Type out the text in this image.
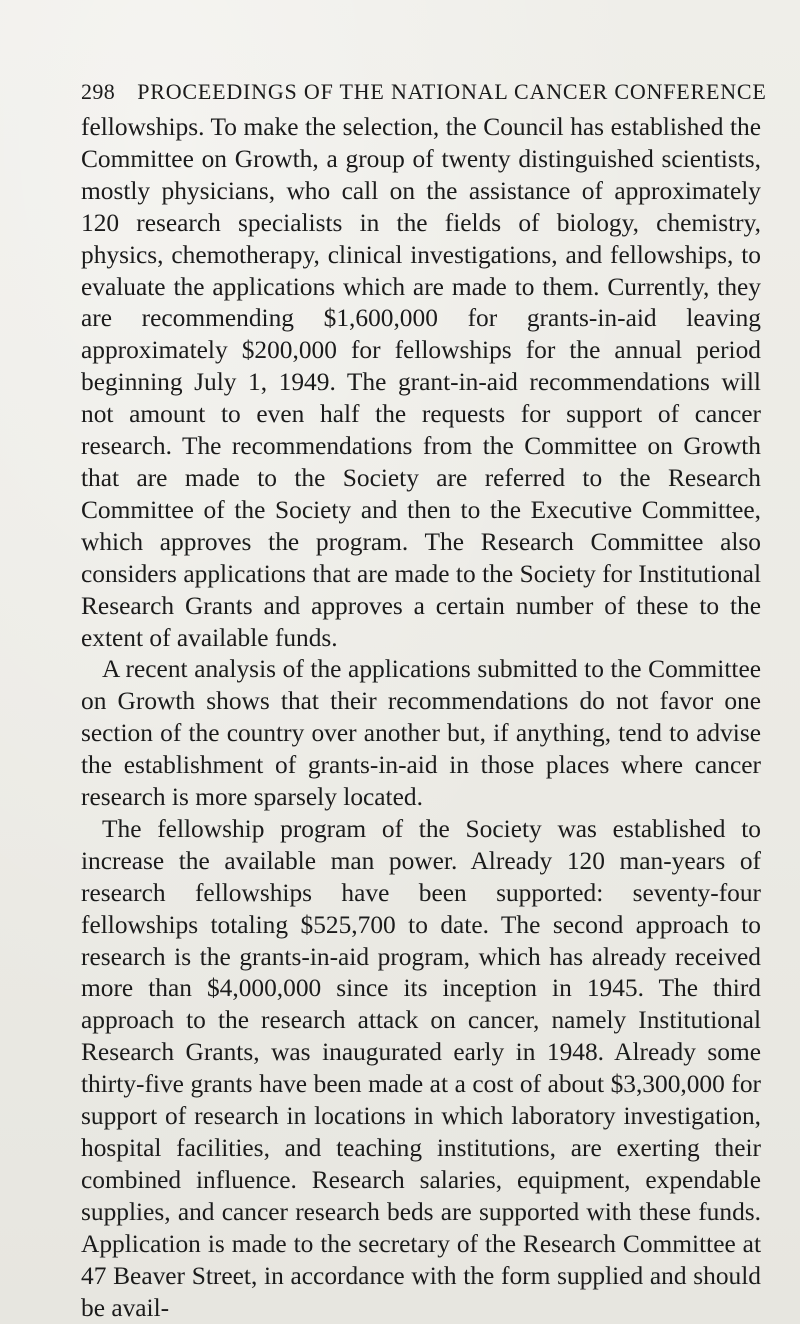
298 PROCEEDINGS OF THE NATIONAL CANCER CONFERENCE

fellowships. To make the selection, the Council has established the Committee on Growth, a group of twenty distinguished scientists, mostly physicians, who call on the assistance of approximately 120 research specialists in the fields of biology, chemistry, physics, chemotherapy, clinical investigations, and fellowships, to evaluate the applications which are made to them. Currently, they are recommending $1,600,000 for grants-in-aid leaving approximately $200,000 for fellowships for the annual period beginning July 1, 1949. The grant-in-aid recommendations will not amount to even half the requests for support of cancer research. The recommendations from the Committee on Growth that are made to the Society are referred to the Research Committee of the Society and then to the Executive Committee, which approves the program. The Research Committee also considers applications that are made to the Society for Institutional Research Grants and approves a certain number of these to the extent of available funds.

A recent analysis of the applications submitted to the Committee on Growth shows that their recommendations do not favor one section of the country over another but, if anything, tend to advise the establishment of grants-in-aid in those places where cancer research is more sparsely located.

The fellowship program of the Society was established to increase the available man power. Already 120 man-years of research fellowships have been supported: seventy-four fellowships totaling $525,700 to date. The second approach to research is the grants-in-aid program, which has already received more than $4,000,000 since its inception in 1945. The third approach to the research attack on cancer, namely Institutional Research Grants, was inaugurated early in 1948. Already some thirty-five grants have been made at a cost of about $3,300,000 for support of research in locations in which laboratory investigation, hospital facilities, and teaching institutions, are exerting their combined influence. Research salaries, equipment, expendable supplies, and cancer research beds are supported with these funds. Application is made to the secretary of the Research Committee at 47 Beaver Street, in accordance with the form supplied and should be avail-
